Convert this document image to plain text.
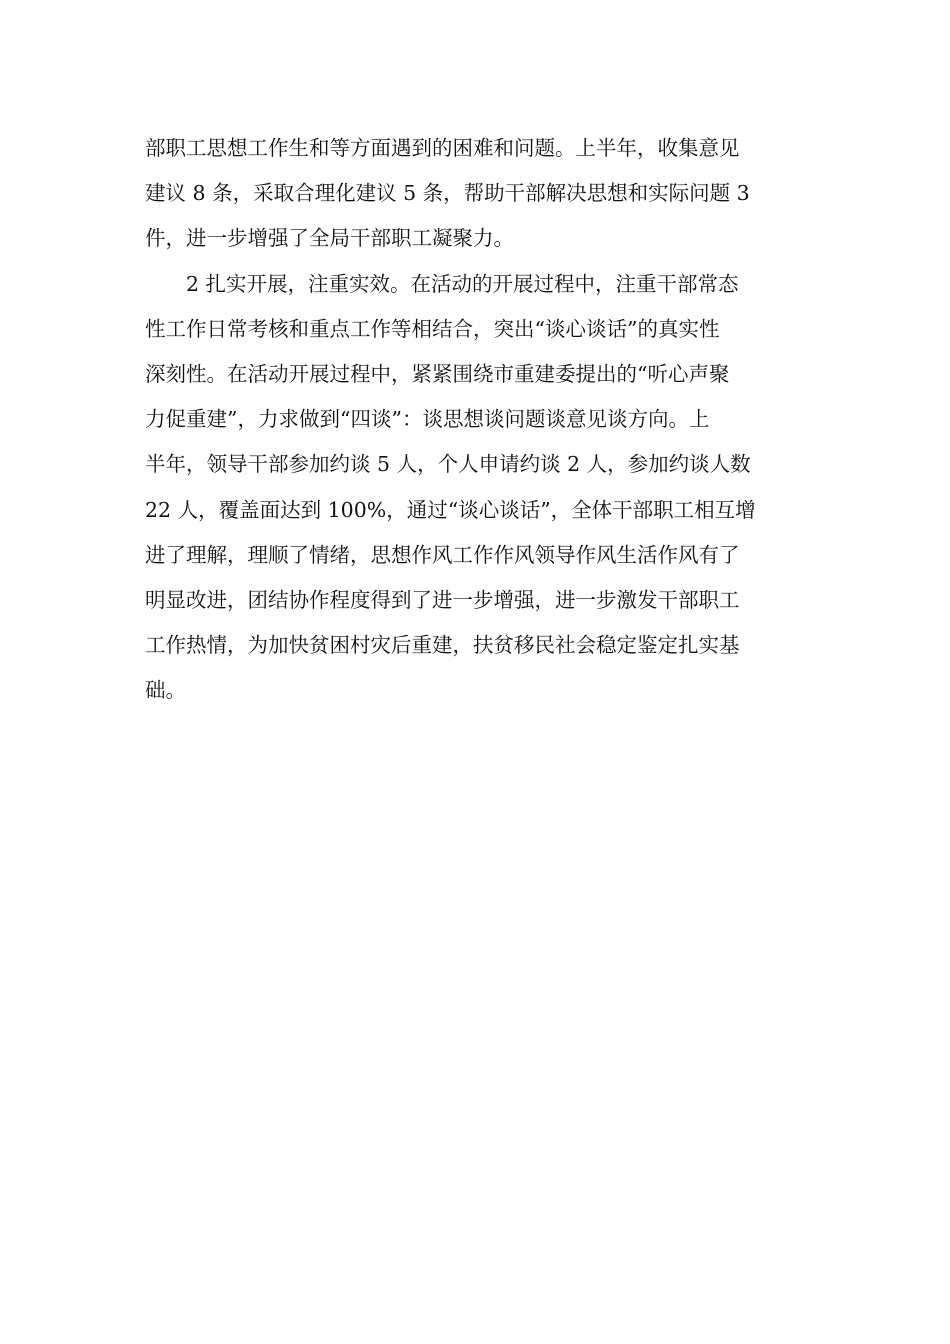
部职工思想工作生和等方面遇到的困难和问题。上半年，收集意见
建议 8 条，采取合理化建议 5 条，帮助干部解决思想和实际问题 3
件，进一步增强了全局干部职工凝聚力。
2 扎实开展，注重实效。在活动的开展过程中，注重干部常态
性工作日常考核和重点工作等相结合，突出“谈心谈话”的真实性
深刻性。在活动开展过程中，紧紧围绕市重建委提出的“听心声聚
力促重建”，力求做到“四谈”：谈思想谈问题谈意见谈方向。上
半年，领导干部参加约谈 5 人，个人申请约谈 2 人，参加约谈人数
22 人，覆盖面达到 100%，通过“谈心谈话”，全体干部职工相互增
进了理解，理顺了情绪，思想作风工作作风领导作风生活作风有了
明显改进，团结协作程度得到了进一步增强，进一步激发干部职工
工作热情，为加快贫困村灾后重建，扶贫移民社会稳定鉴定扎实基
础。
